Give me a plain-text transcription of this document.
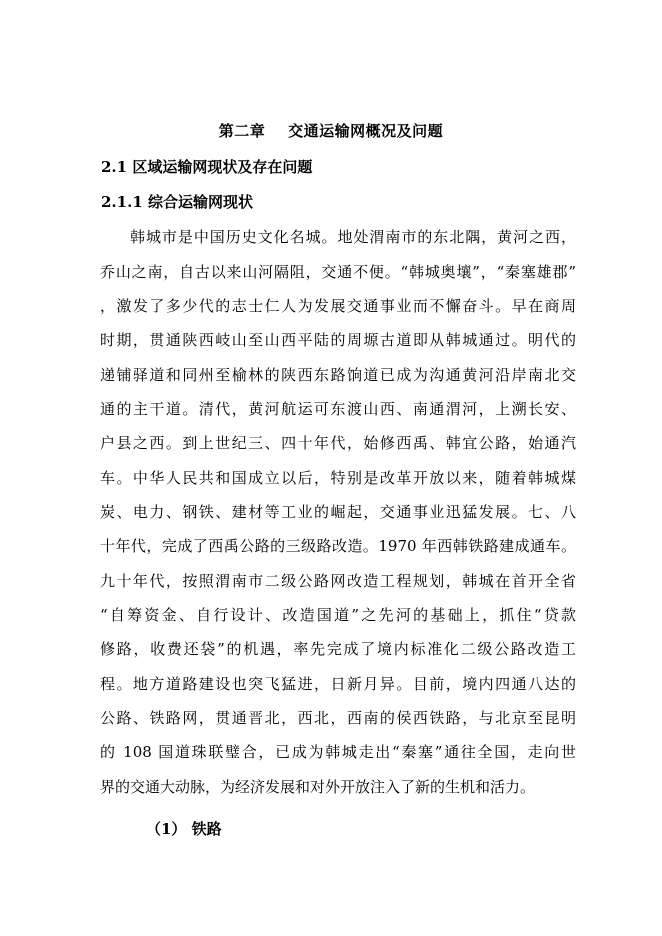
第二章    交通运输网概况及问题
2.1 区域运输网现状及存在问题
2.1.1 综合运输网现状
韩城市是中国历史文化名城。地处渭南市的东北隅，黄河之西，
乔山之南，自古以来山河隔阻，交通不便。“韩城奥壤”，“秦塞雄郡”
，激发了多少代的志士仁人为发展交通事业而不懈奋斗。早在商周
时期，贯通陕西岐山至山西平陆的周塬古道即从韩城通过。明代的
递铺驿道和同州至榆林的陕西东路饷道已成为沟通黄河沿岸南北交
通的主干道。清代，黄河航运可东渡山西、南通渭河，上溯长安、
户县之西。到上世纪三、四十年代，始修西禹、韩宜公路，始通汽
车。中华人民共和国成立以后，特别是改革开放以来，随着韩城煤
炭、电力、钢铁、建材等工业的崛起，交通事业迅猛发展。七、八
十年代，完成了西禹公路的三级路改造。1970 年西韩铁路建成通车。
九十年代，按照渭南市二级公路网改造工程规划，韩城在首开全省
“自筹资金、自行设计、改造国道”之先河的基础上，抓住“贷款
修路，收费还袋”的机遇，率先完成了境内标准化二级公路改造工
程。地方道路建设也突飞猛进，日新月异。目前，境内四通八达的
公路、铁路网，贯通晋北，西北，西南的侯西铁路，与北京至昆明
的 108 国道珠联璧合，已成为韩城走出“秦塞”通往全国，走向世
界的交通大动脉，为经济发展和对外开放注入了新的生机和活力。
（1） 铁路
